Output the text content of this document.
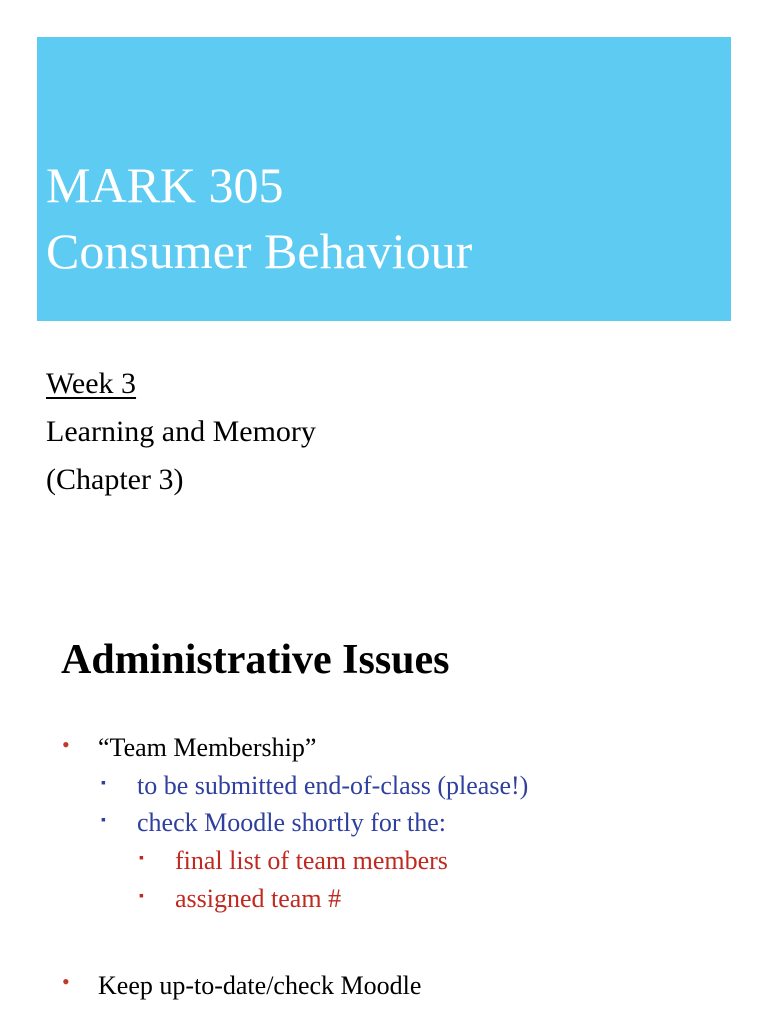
MARK 305
Consumer Behaviour
Week 3
Learning and Memory
(Chapter 3)
Administrative Issues
• “Team Membership”
▪ to be submitted end-of-class (please!)
▪ check Moodle shortly for the:
▪ final list of team members
▪ assigned team #
• Keep up-to-date/check Moodle
